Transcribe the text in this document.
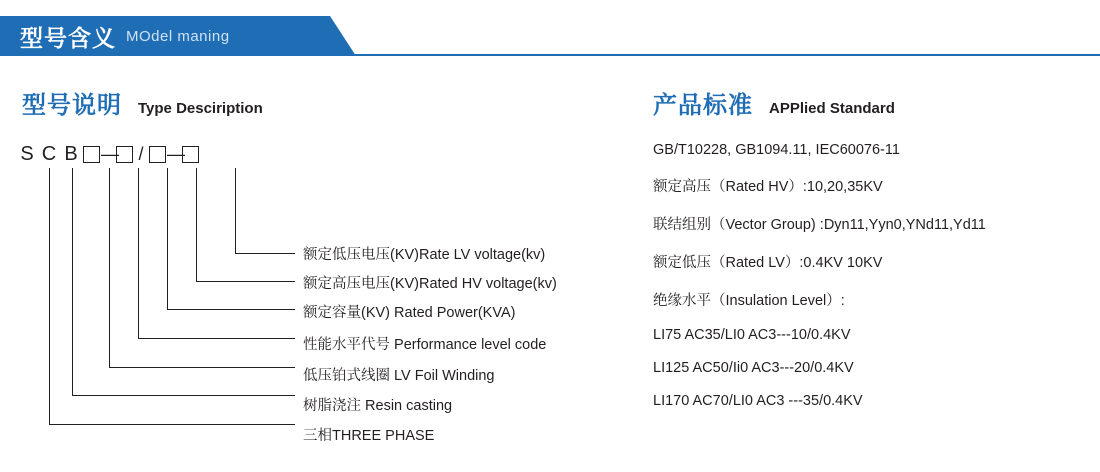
型号含义 MOdel maning
型号说明 Type Desciription	产品标准 APPlied Standard
S C B — / —
额定低压电压(KV)Rate LV voltage(kv)
额定高压电压(KV)Rated HV voltage(kv)
额定容量(KV) Rated Power(KVA)
性能水平代号 Performance level code
低压铂式线圈 LV Foil Winding
树脂浇注 Resin casting
三相THREE PHASE
GB/T10228, GB1094.11, IEC60076-11
额定高压（Rated HV）:10,20,35KV
联结组别（Vector Group) :Dyn11,Yyn0,YNd11,Yd11
额定低压（Rated LV）:0.4KV 10KV
绝缘水平（Insulation Level）:
LI75 AC35/LI0 AC3---10/0.4KV
LI125 AC50/Ii0 AC3---20/0.4KV
LI170 AC70/LI0 AC3 ---35/0.4KV
